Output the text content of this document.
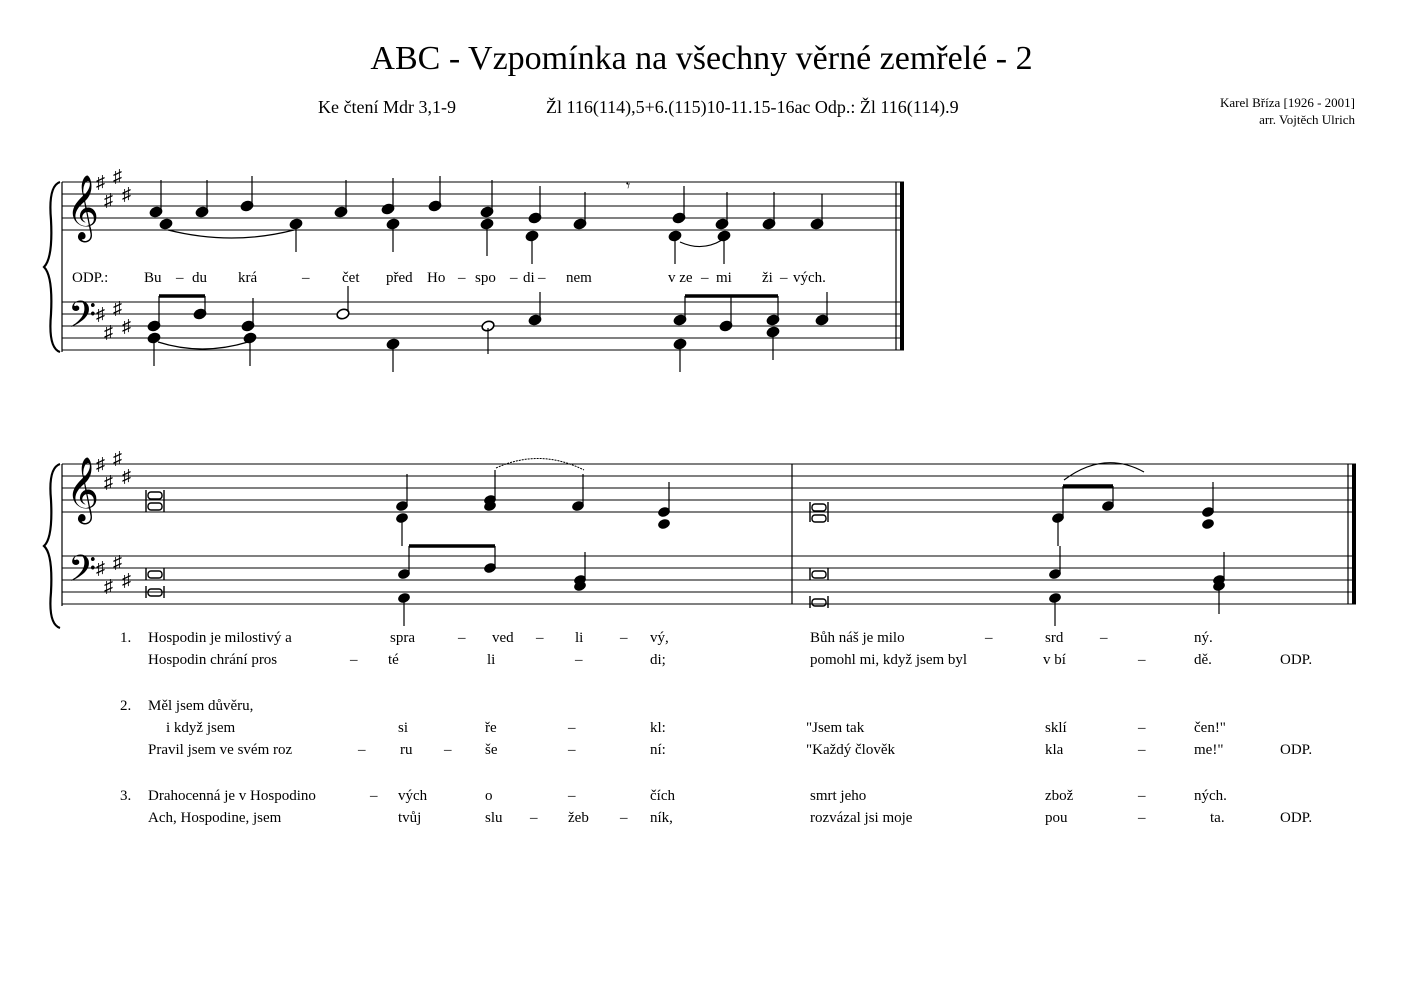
ABC - Vzpomínka na všechny věrné zemřelé - 2
Ke čtení Mdr 3,1-9	Žl 116(114),5+6.(115)10-11.15-16ac Odp.: Žl 116(114).9	Karel Bříza [1926 - 2001]
arr. Vojtěch Ulrich
𝄞
𝄢
♯
♯
♯
♯
♯
♯
♯
♯
𝄾
ODP.: Bu – du krá	– čet před Ho – spo – di – nem	v ze – mi ži – vých.
𝄞
𝄢
♯
♯
♯
♯
♯
♯
♯
♯
1. Hospodin je milostivý a	spra	– ved – li – vý,	Bůh náš je milo	–	srd –	ný.
Hospodin chrání pros	– té	li	–	di;	pomohl mi, když jsem byl	v bí	–	dě.	ODP.
2. Měl jsem důvěru,
i když jsem	si	ře	–	kl:	"Jsem tak	sklí	–	čen!"
Pravil jsem ve svém roz	– ru – še	–	ní:	"Každý člověk	kla	–	me!"	ODP.
3. Drahocenná je v Hospodino	– vých	o	–	čích	smrt jeho	zbož	–	ných.
Ach, Hospodine, jsem	tvůj	slu – žeb – ník,	rozvázal jsi moje	pou	–	ta.	ODP.
